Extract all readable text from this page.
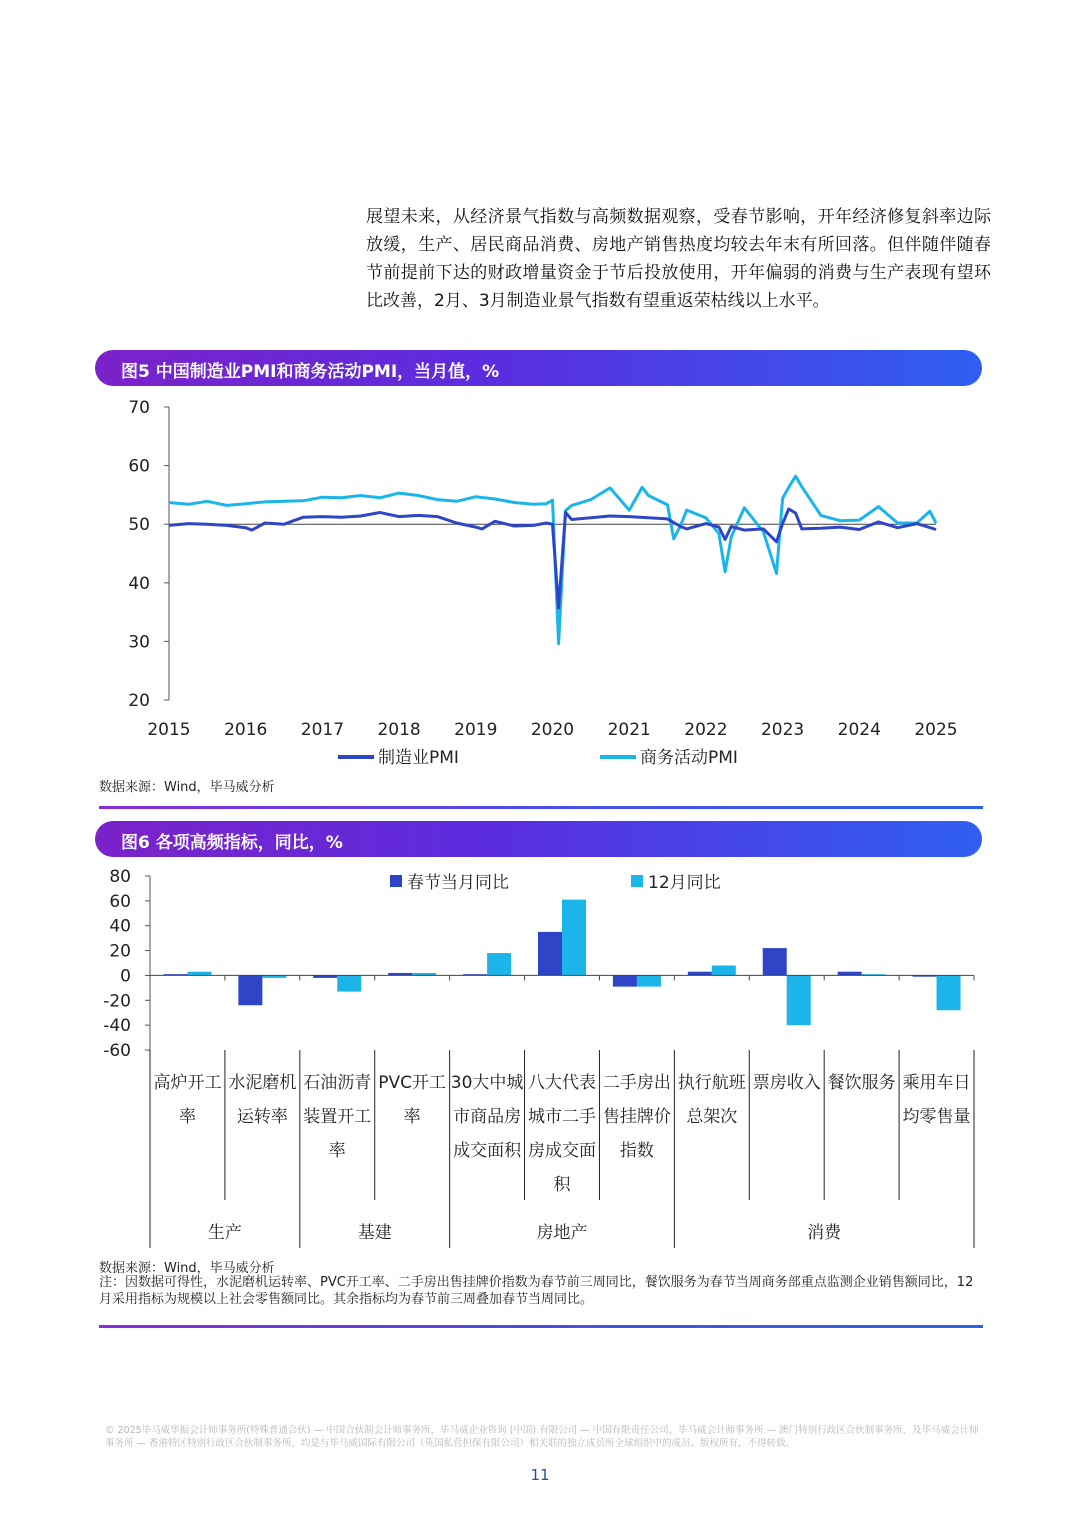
展望未来，从经济景气指数与高频数据观察，受春节影响，开年经济修复斜率边际放缓，生产、居民商品消费、房地产销售热度均较去年末有所回落。但伴随伴随春节前提前下达的财政增量资金于节后投放使用，开年偏弱的消费与生产表现有望环比改善，2月、3月制造业景气指数有望重返荣枯线以上水平。
图5 中国制造业PMI和商务活动PMI，当月值，%
70
60
50
40
30
20
2015 2016 2017 2018 2019 2020 2021 2022 2023 2024 2025
制造业PMI	商务活动PMI
数据来源：Wind，毕马威分析
图6 各项高频指标，同比，%
80
60
40
20
0
-20
-40
-60
高炉开工
率
水泥磨机
运转率
石油沥青
装置开工
率
PVC开工
率
30大中城
市商品房
成交面积
八大代表
城市二手
房成交面
积
二手房出
售挂牌价
指数
执行航班
总架次
票房收入 餐饮服务 乘用车日
均零售量
生产	基建	房地产	消费
春节当月同比	12月同比
数据来源：Wind，毕马威分析
注：因数据可得性，水泥磨机运转率、PVC开工率、二手房出售挂牌价指数为春节前三周同比，餐饮服务为春节当周商务部重点监测企业销售额同比，12月采用指标为规模以上社会零售额同比。其余指标均为春节前三周叠加春节当周同比。
© 2025毕马威华振会计师事务所(特殊普通合伙) — 中国合伙制会计师事务所，毕马威企业咨询 (中国) 有限公司 — 中国有限责任公司，毕马威会计师事务所 — 澳门特别行政区合伙制事务所，及毕马威会计师事务所 — 香港特区特别行政区合伙制事务所，均是与毕马威国际有限公司（英国私营担保有限公司）相关联的独立成员所全球组织中的成员。版权所有，不得转载。
11
